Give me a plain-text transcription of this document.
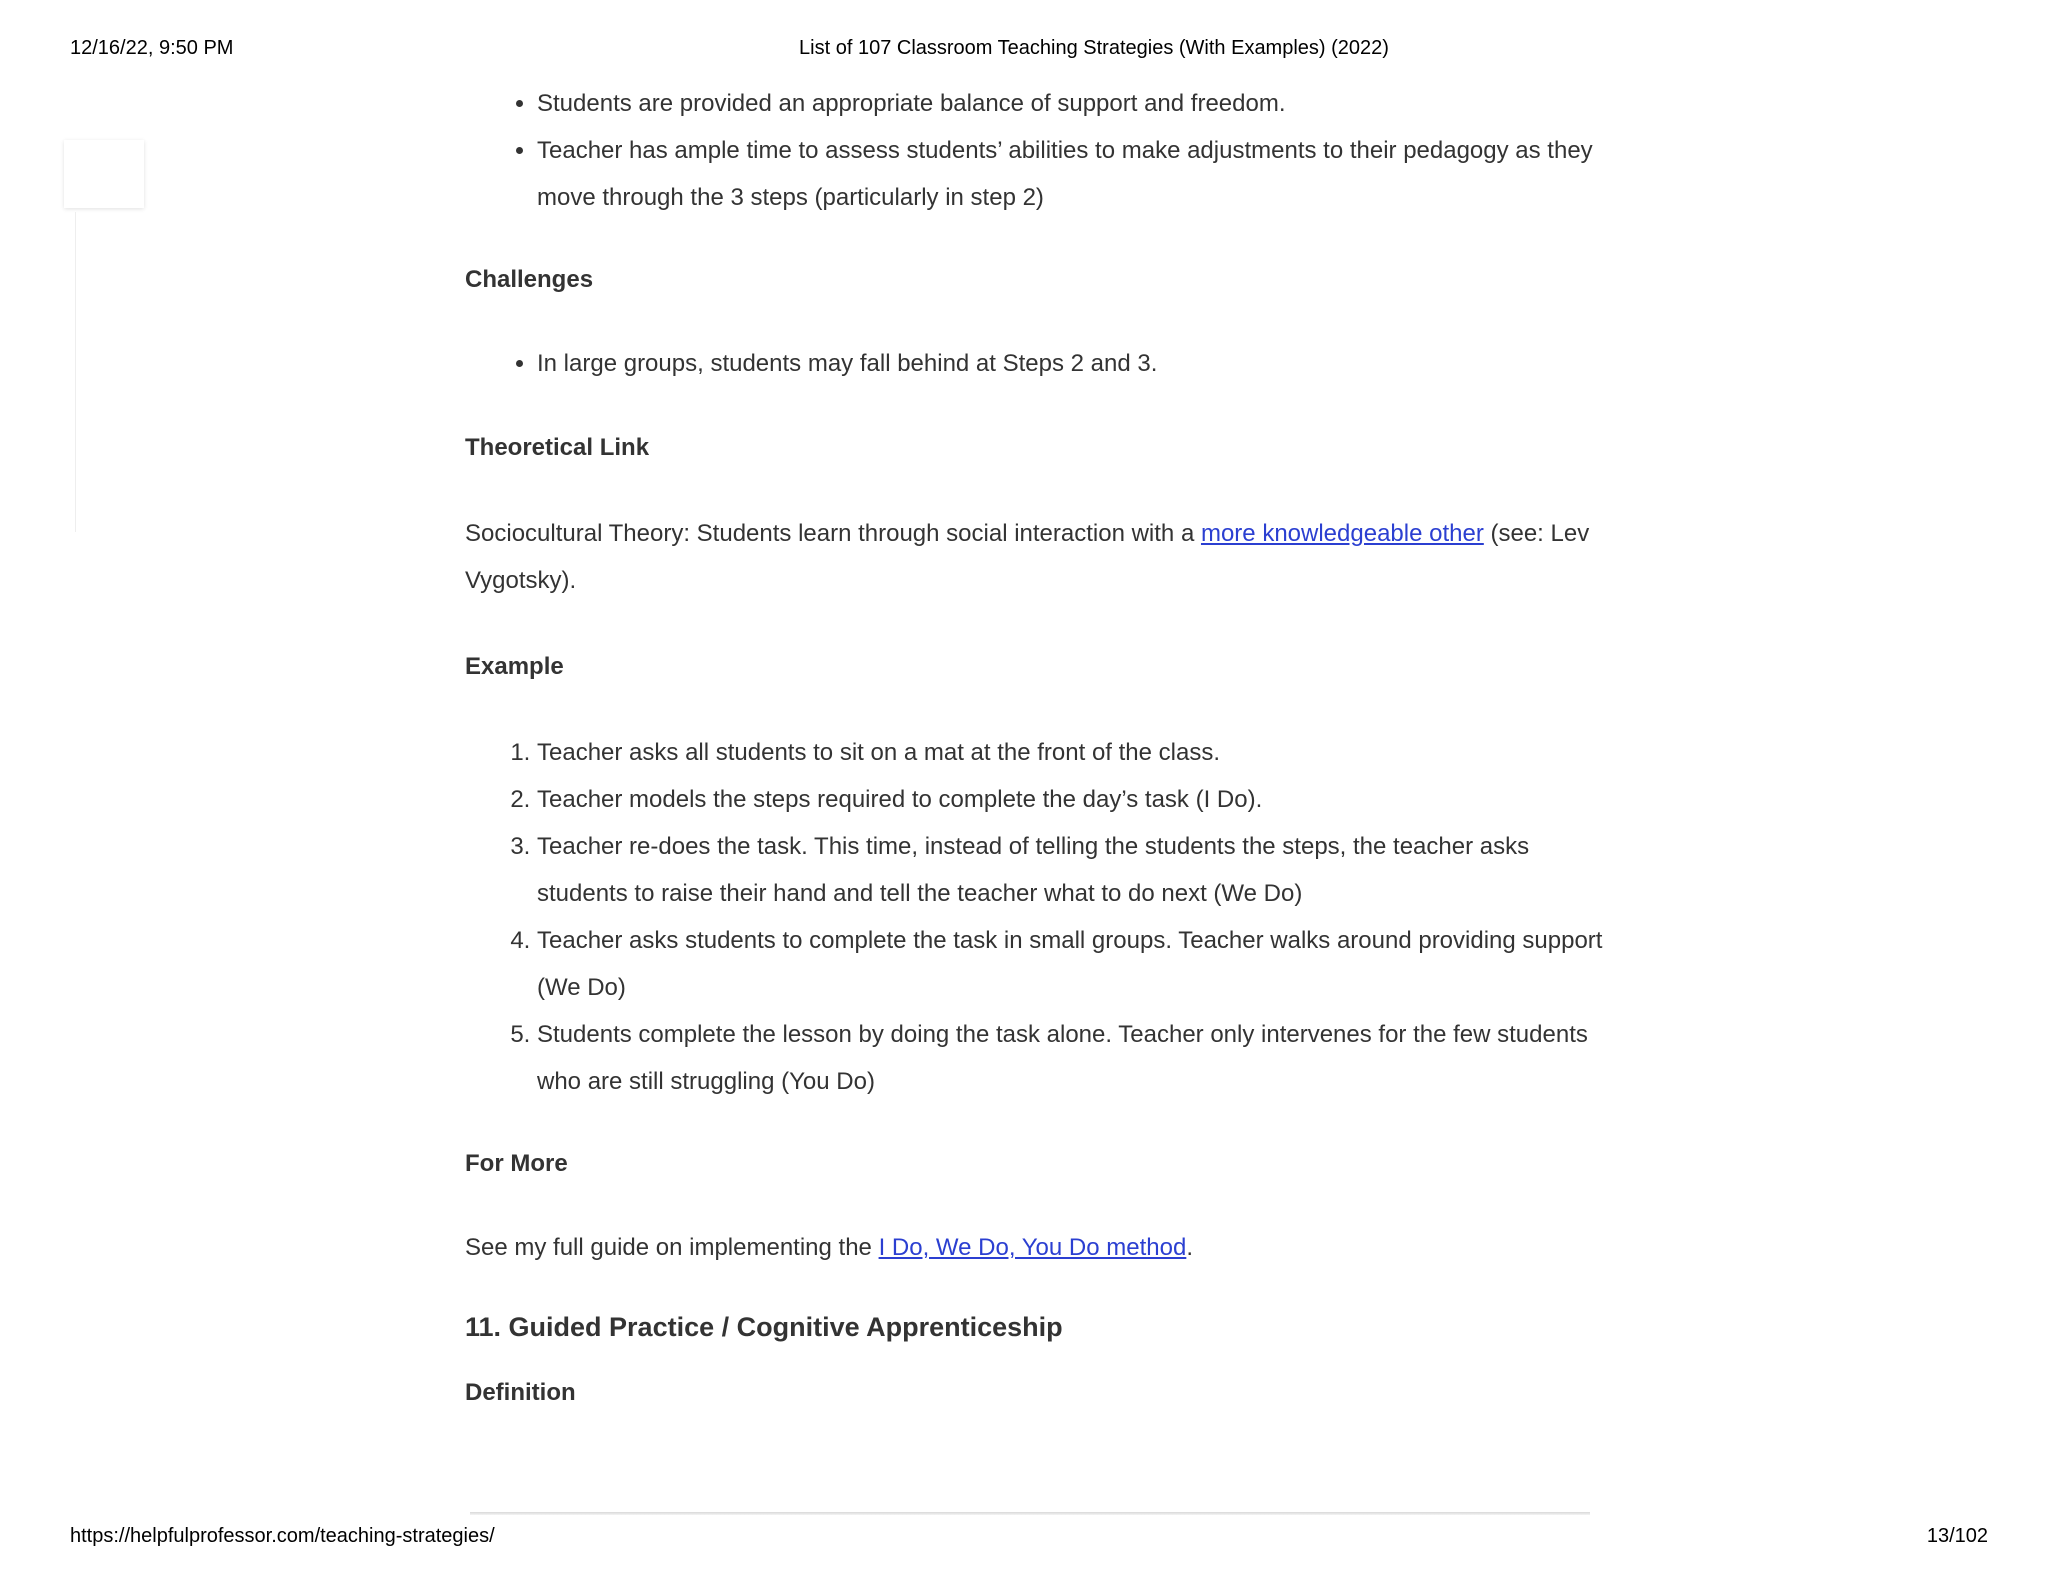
12/16/22, 9:50 PM	List of 107 Classroom Teaching Strategies (With Examples) (2022)
• Students are provided an appropriate balance of support and freedom.
• Teacher has ample time to assess students’ abilities to make adjustments to their pedagogy as they move through the 3 steps (particularly in step 2)

Challenges

• In large groups, students may fall behind at Steps 2 and 3.

Theoretical Link

Sociocultural Theory: Students learn through social interaction with a more knowledgeable other (see: Lev Vygotsky).

Example

1. Teacher asks all students to sit on a mat at the front of the class.
2. Teacher models the steps required to complete the day’s task (I Do).
3. Teacher re-does the task. This time, instead of telling the students the steps, the teacher asks students to raise their hand and tell the teacher what to do next (We Do)
4. Teacher asks students to complete the task in small groups. Teacher walks around providing support (We Do)
5. Students complete the lesson by doing the task alone. Teacher only intervenes for the few students who are still struggling (You Do)

For More

See my full guide on implementing the I Do, We Do, You Do method.

11. Guided Practice / Cognitive Apprenticeship

Definition

https://helpfulprofessor.com/teaching-strategies/	13/102
